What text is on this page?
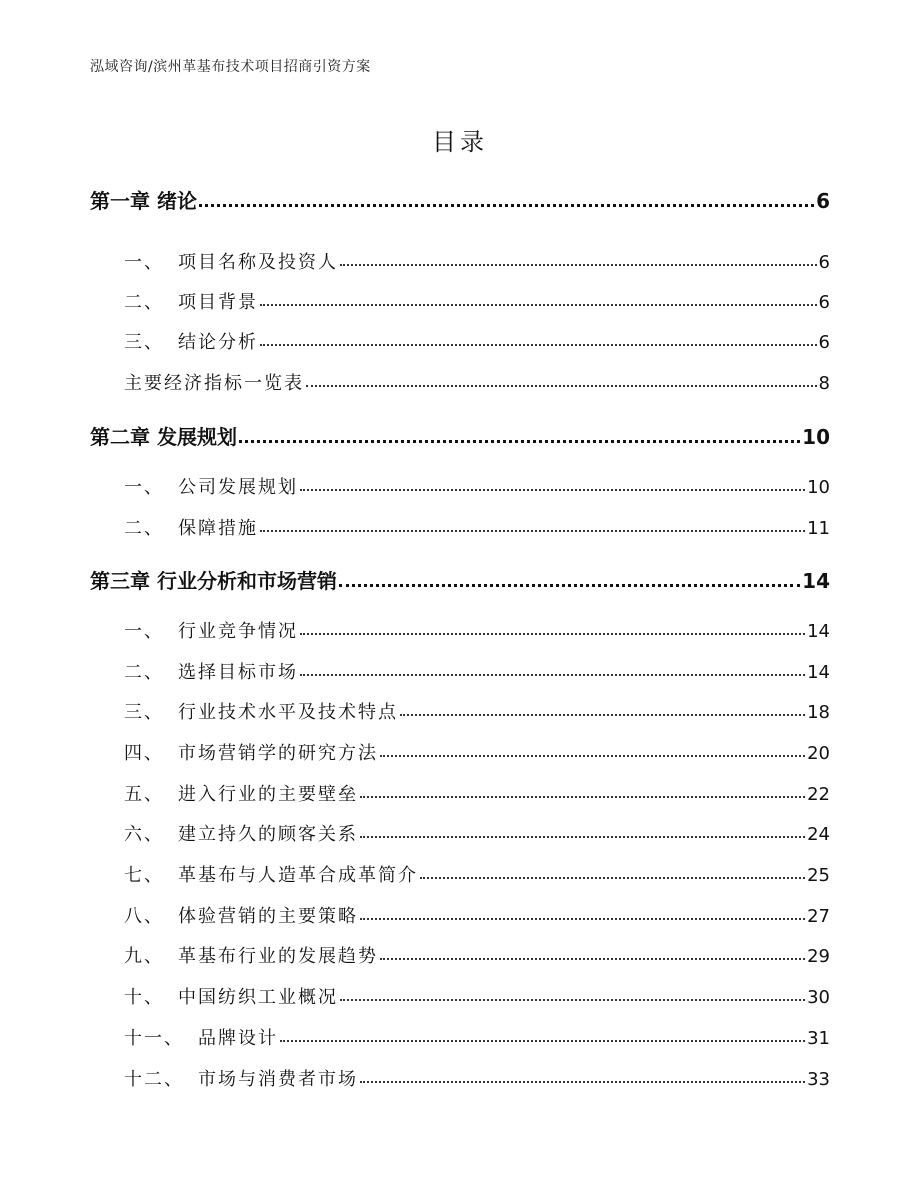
泓域咨询/滨州革基布技术项目招商引资方案
目录
第一章 绪论	6
一、 项目名称及投资人	6
二、 项目背景	6
三、 结论分析	6
主要经济指标一览表	8
第二章 发展规划	10
一、 公司发展规划	10
二、 保障措施	11
第三章 行业分析和市场营销	14
一、 行业竞争情况	14
二、 选择目标市场	14
三、 行业技术水平及技术特点	18
四、 市场营销学的研究方法	20
五、 进入行业的主要壁垒	22
六、 建立持久的顾客关系	24
七、 革基布与人造革合成革简介	25
八、 体验营销的主要策略	27
九、 革基布行业的发展趋势	29
十、 中国纺织工业概况	30
十一、 品牌设计	31
十二、 市场与消费者市场	33
